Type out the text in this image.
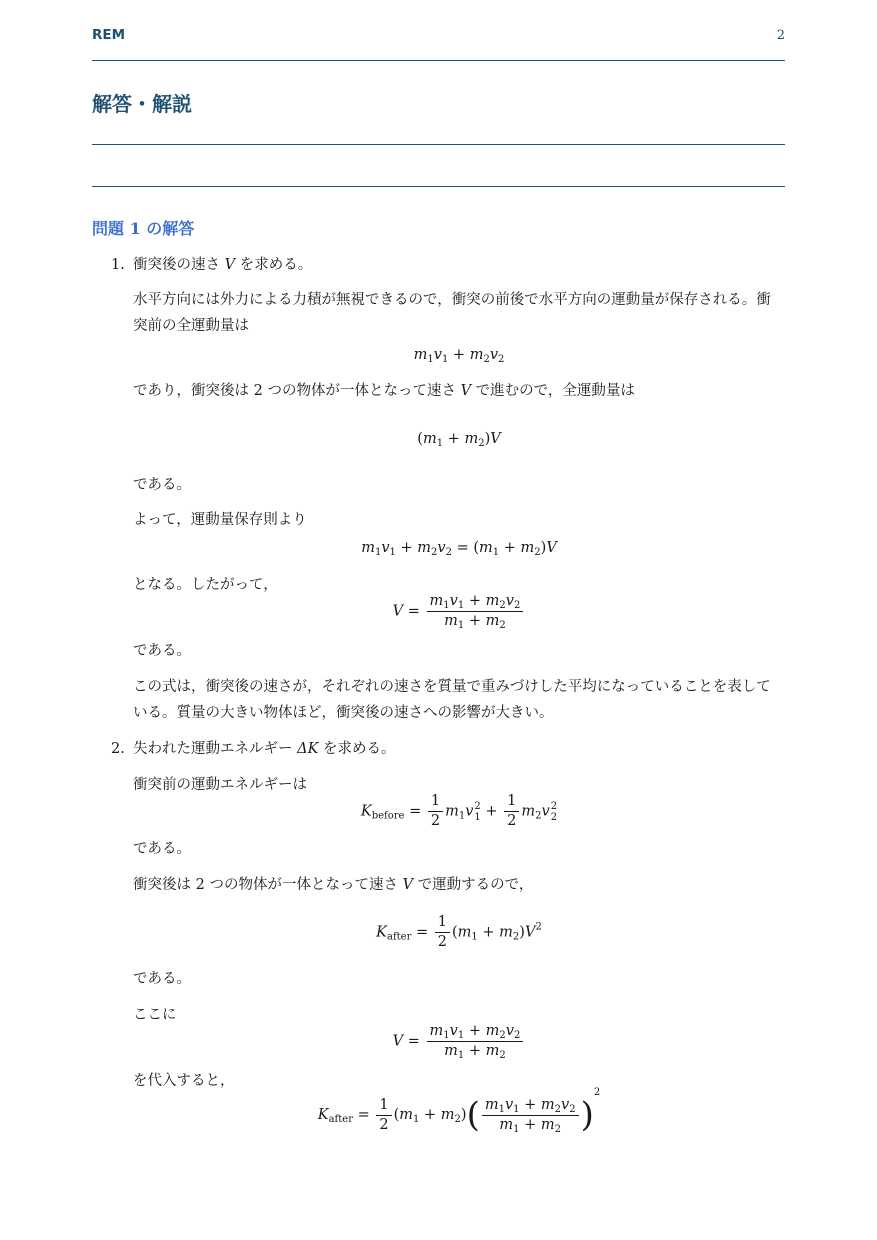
REM	2
解答・解説
問題 1 の解答
1. 衝突後の速さ V を求める。
水平方向には外力による力積が無視できるので，衝突の前後で水平方向の運動量が保存される。衝突前の全運動量は
$m_1v_1 + m_2v_2$
であり，衝突後は 2 つの物体が一体となって速さ V で進むので，全運動量は
$(m_1 + m_2)V$
である。
よって，運動量保存則より
$m_1v_1 + m_2v_2 = (m_1 + m_2)V$
となる。したがって，
$V = \frac{m_1v_1 + m_2v_2}{m_1 + m_2}$
である。
この式は，衝突後の速さが，それぞれの速さを質量で重みづけした平均になっていることを表している。質量の大きい物体ほど，衝突後の速さへの影響が大きい。
2. 失われた運動エネルギー ΔK を求める。
衝突前の運動エネルギーは
$K_{before} = \frac{1}{2} m_1v$ 2
$1 + \frac{1}{2} m_2v$ 2
2
である。
衝突後は 2 つの物体が一体となって速さ V で運動するので，
$K_{after} = \frac{1}{2} (m_1 + m_2)V^2$
である。
ここに
$V = \frac{m_1v_1 + m_2v_2}{m_1 + m_2}$
を代入すると，
$K_{after} = \frac{1}{2} (m_1 + m_2)( \frac{m_1v_1 + m_2v_2}{m_1 + m_2} )^2$
